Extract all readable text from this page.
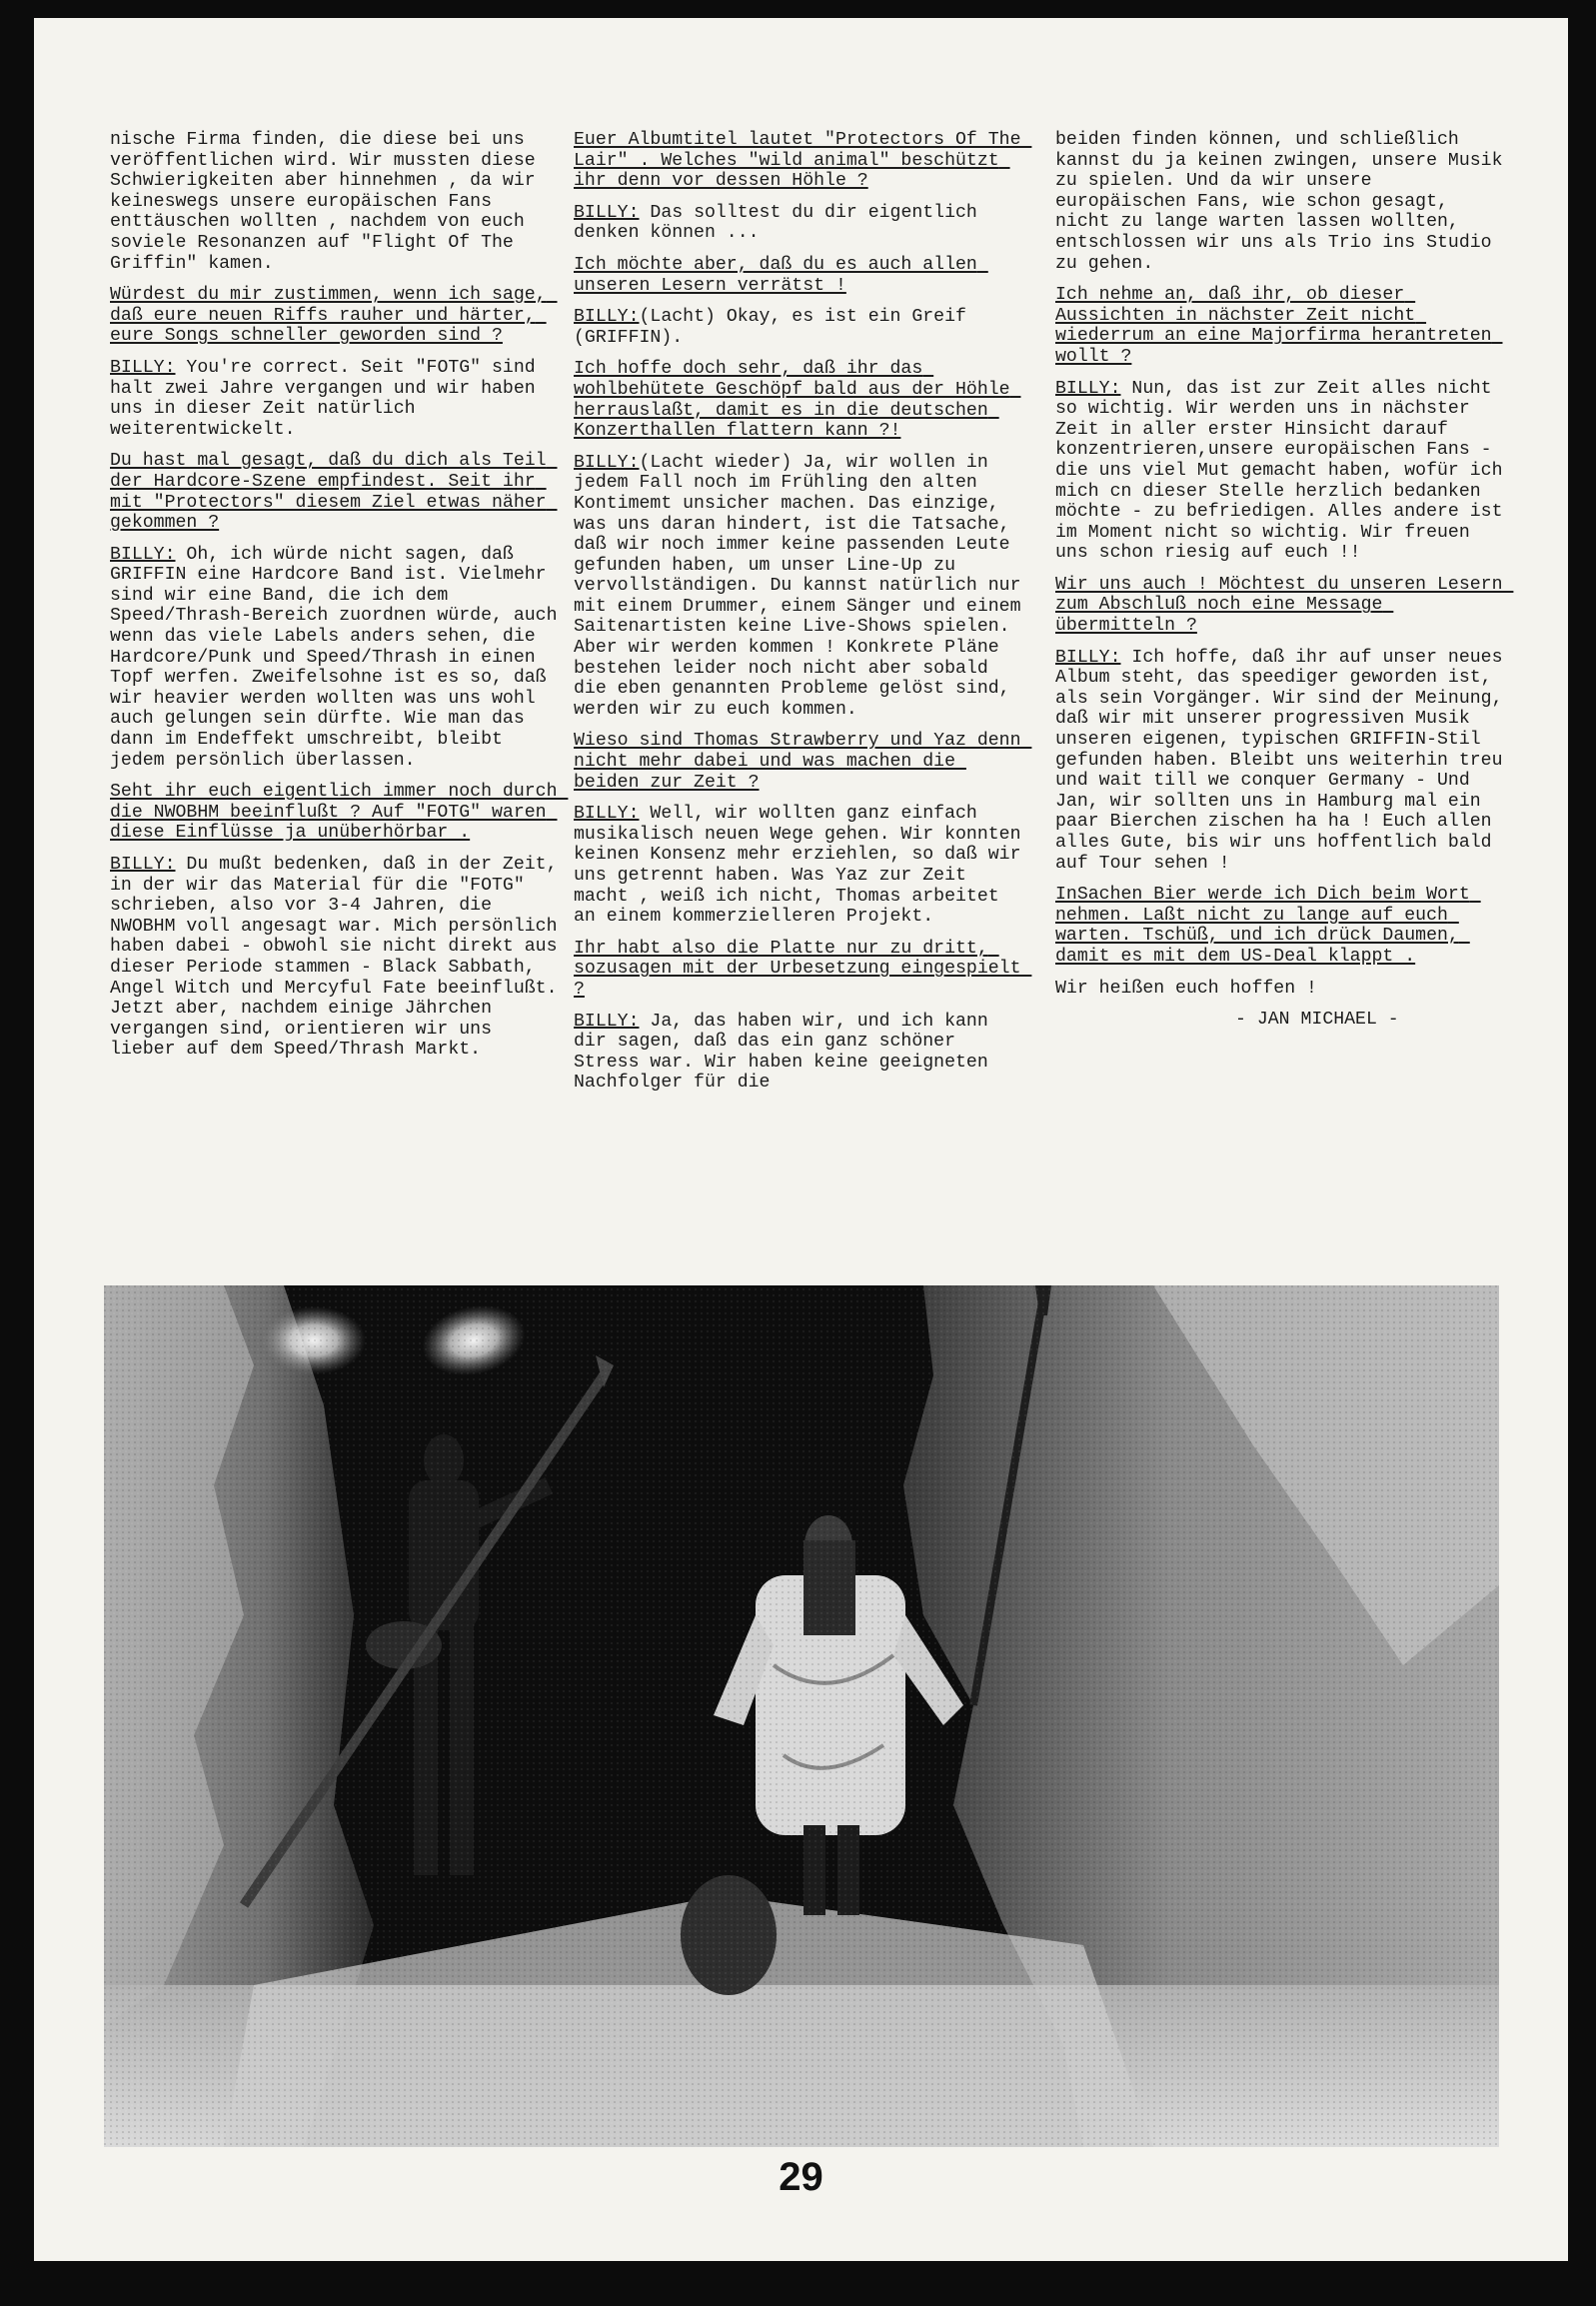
nische Firma finden, die diese bei uns veröffentlichen wird. Wir mussten diese Schwierigkeiten aber hinnehmen , da wir keineswegs unsere europäischen Fans enttäuschen wollten , nachdem von euch soviele Resonanzen auf "Flight Of The Griffin" kamen.

Würdest du mir zustimmen, wenn ich sage, daß eure neuen Riffs rauher und härter, eure Songs schneller geworden sind ?

BILLY: You're correct. Seit "FOTG" sind halt zwei Jahre vergangen und wir haben uns in dieser Zeit natürlich weiterentwickelt.

Du hast mal gesagt, daß du dich als Teil der Hardcore-Szene empfindest. Seit ihr mit "Protectors" diesem Ziel etwas näher gekommen ?

BILLY: Oh, ich würde nicht sagen, daß GRIFFIN eine Hardcore Band ist. Vielmehr sind wir eine Band, die ich dem Speed/Thrash-Bereich zuordnen würde, auch wenn das viele Labels anders sehen, die Hardcore/Punk und Speed/Thrash in einen Topf werfen. Zweifelsohne ist es so, daß wir heavier werden wollten was uns wohl auch gelungen sein dürfte. Wie man das dann im Endeffekt umschreibt, bleibt jedem persönlich überlassen.

Seht ihr euch eigentlich immer noch durch die NWOBHM beeinflußt ? Auf "FOTG" waren diese Einflüsse ja unüberhörbar .

BILLY: Du mußt bedenken, daß in der Zeit, in der wir das Material für die "FOTG" schrieben, also vor 3-4 Jahren, die NWOBHM voll angesagt war. Mich persönlich haben dabei - obwohl sie nicht direkt aus dieser Periode stammen - Black Sabbath, Angel Witch und Mercyful Fate beeinflußt. Jetzt aber, nachdem einige Jährchen vergangen sind, orientieren wir uns lieber auf dem Speed/Thrash Markt.

Euer Albumtitel lautet "Protectors Of The Lair" . Welches "wild animal" beschützt ihr denn vor dessen Höhle ?

BILLY: Das solltest du dir eigentlich denken können ...

Ich möchte aber, daß du es auch allen unseren Lesern verrätst !

BILLY:(Lacht) Okay, es ist ein Greif (GRIFFIN).

Ich hoffe doch sehr, daß ihr das wohlbehütete Geschöpf bald aus der Höhle herrauslaßt, damit es in die deutschen Konzerthallen flattern kann ?!

BILLY:(Lacht wieder) Ja, wir wollen in jedem Fall noch im Frühling den alten Kontimemt unsicher machen. Das einzige, was uns daran hindert, ist die Tatsache, daß wir noch immer keine passenden Leute gefunden haben, um unser Line-Up zu vervollständigen. Du kannst natürlich nur mit einem Drummer, einem Sänger und einem Saitenartisten keine Live-Shows spielen. Aber wir werden kommen ! Konkrete Pläne bestehen leider noch nicht aber sobald die eben genannten Probleme gelöst sind, werden wir zu euch kommen.

Wieso sind Thomas Strawberry und Yaz denn nicht mehr dabei und was machen die beiden zur Zeit ?

BILLY: Well, wir wollten ganz einfach musikalisch neuen Wege gehen. Wir konnten keinen Konsenz mehr erziehlen, so daß wir uns getrennt haben. Was Yaz zur Zeit macht , weiß ich nicht, Thomas arbeitet an einem kommerzielleren Projekt.

Ihr habt also die Platte nur zu dritt, sozusagen mit der Urbesetzung eingespielt ?

BILLY: Ja, das haben wir, und ich kann dir sagen, daß das ein ganz schöner Stress war. Wir haben keine geeigneten Nachfolger für die

beiden finden können, und schließlich kannst du ja keinen zwingen, unsere Musik zu spielen. Und da wir unsere europäischen Fans, wie schon gesagt, nicht zu lange warten lassen wollten, entschlossen wir uns als Trio ins Studio zu gehen.

Ich nehme an, daß ihr, ob dieser Aussichten in nächster Zeit nicht wiederrum an eine Majorfirma herantreten wollt ?

BILLY: Nun, das ist zur Zeit alles nicht so wichtig. Wir werden uns in nächster Zeit in aller erster Hinsicht darauf konzentrieren,unsere europäischen Fans - die uns viel Mut gemacht haben, wofür ich mich cn dieser Stelle herzlich bedanken möchte - zu befriedigen. Alles andere ist im Moment nicht so wichtig. Wir freuen uns schon riesig auf euch !!

Wir uns auch ! Möchtest du unseren Lesern zum Abschluß noch eine Message übermitteln ?

BILLY: Ich hoffe, daß ihr auf unser neues Album steht, das speediger geworden ist, als sein Vorgänger. Wir sind der Meinung, daß wir mit unserer progressiven Musik unseren eigenen, typischen GRIFFIN-Stil gefunden haben. Bleibt uns weiterhin treu und wait till we conquer Germany - Und Jan, wir sollten uns in Hamburg mal ein paar Bierchen zischen ha ha ! Euch allen alles Gute, bis wir uns hoffentlich bald auf Tour sehen !

InSachen Bier werde ich Dich beim Wort nehmen. Laßt nicht zu lange auf euch warten. Tschüß, und ich drück Daumen, damit es mit dem US-Deal klappt .

Wir heißen euch hoffen !

- JAN MICHAEL -

29
